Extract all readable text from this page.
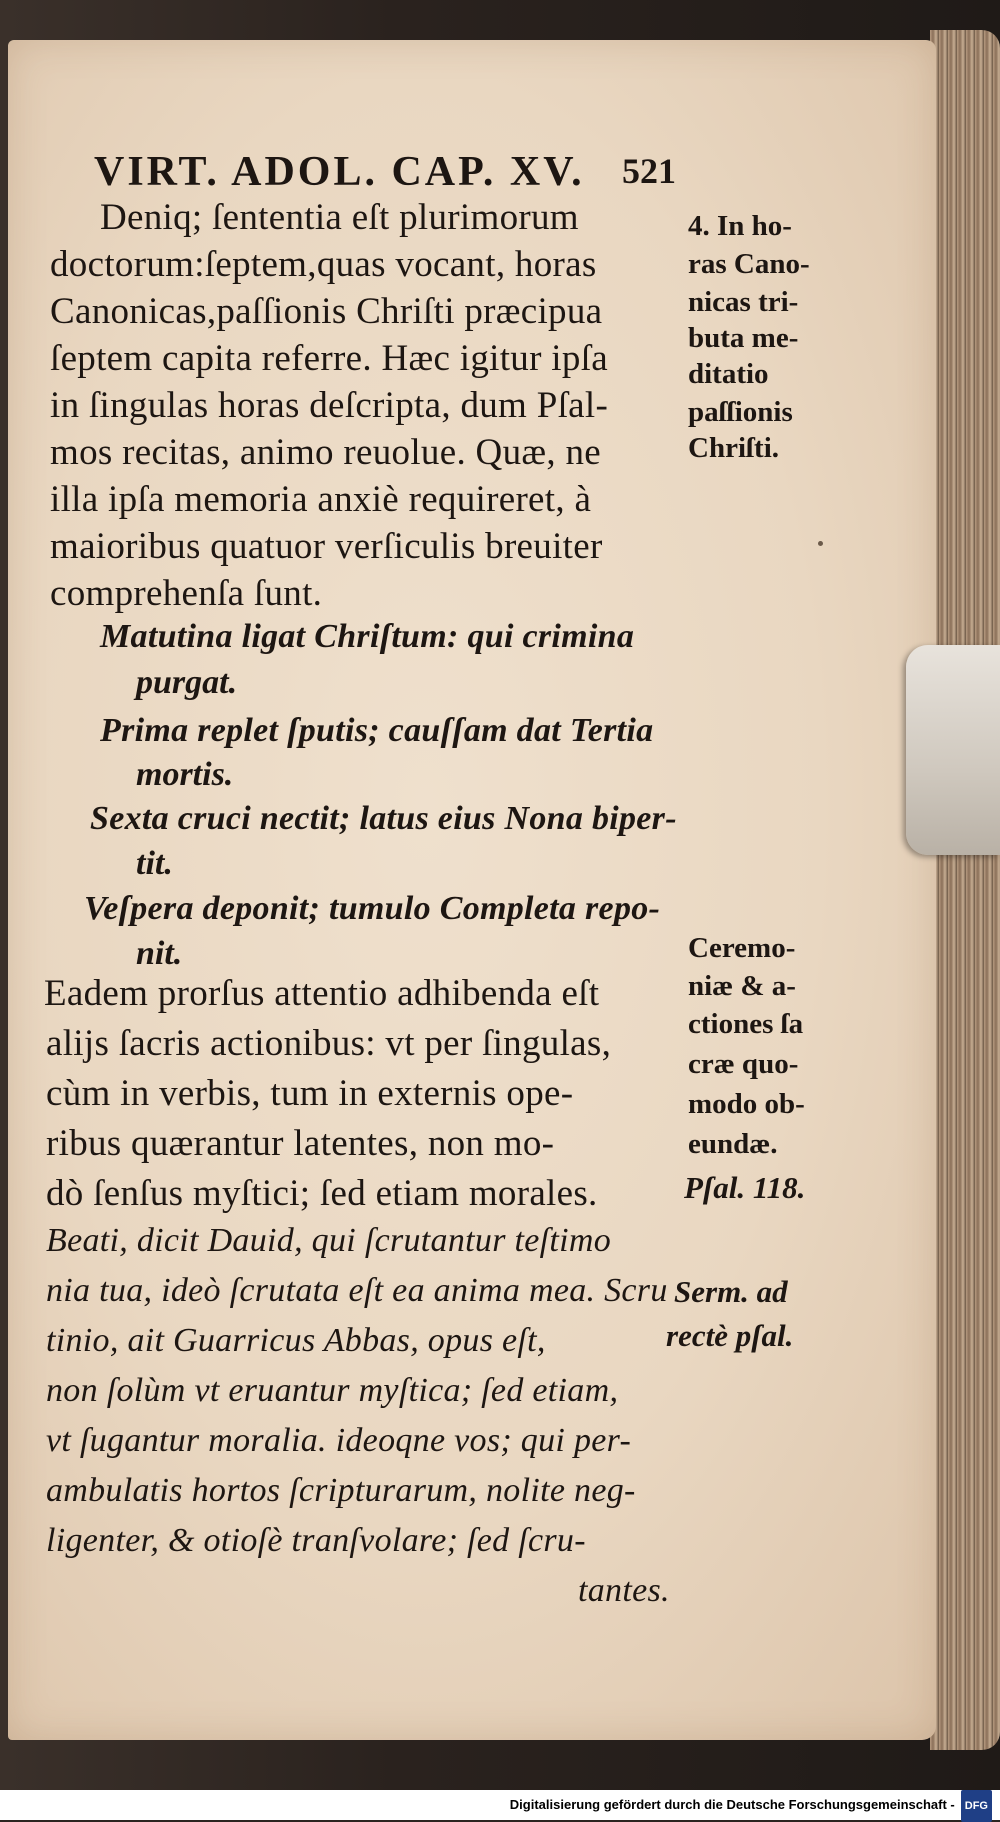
VIRT. ADOL. CAP. XV. 521
Deniq; ſententia eſt plurimorum
doctorum:ſeptem,quas vocant, horas
Canonicas,paſſionis Chriſti præcipua
ſeptem capita referre. Hæc igitur ipſa
in ſingulas horas deſcripta, dum Pſal-
mos recitas, animo reuolue. Quæ, ne
illa ipſa memoria anxiè requireret, à
maioribus quatuor verſiculis breuiter
comprehenſa ſunt.
Matutina ligat Chriſtum: qui crimina
purgat.
Prima replet ſputis; cauſſam dat Tertia
mortis.
Sexta cruci nectit; latus eius Nona biper-
tit.
Veſpera deponit; tumulo Completa repo-
nit.
Eadem prorſus attentio adhibenda eſt
alijs ſacris actionibus: vt per ſingulas,
cùm in verbis, tum in externis ope-
ribus quærantur latentes, non mo-
dò ſenſus myſtici; ſed etiam morales.
Beati, dicit Dauid, qui ſcrutantur teſtimo
nia tua, ideò ſcrutata eſt ea anima mea. Scru
tinio, ait Guarricus Abbas, opus eſt,
non ſolùm vt eruantur myſtica; ſed etiam,
vt ſugantur moralia. ideoqne vos; qui per-
ambulatis hortos ſcripturarum, nolite neg-
ligenter, & otioſè tranſvolare; ſed ſcru-
tantes.
4. In ho-
ras Cano-
nicas tri-
buta me-
ditatio
paſſionis
Chriſti.
Ceremo-
niæ & a-
ctiones ſa
cræ quo-
modo ob-
eundæ.
Pſal. 118.
Serm. ad
rectè pſal.
Digitalisierung gefördert durch die Deutsche Forschungsgemeinschaft - DFG
